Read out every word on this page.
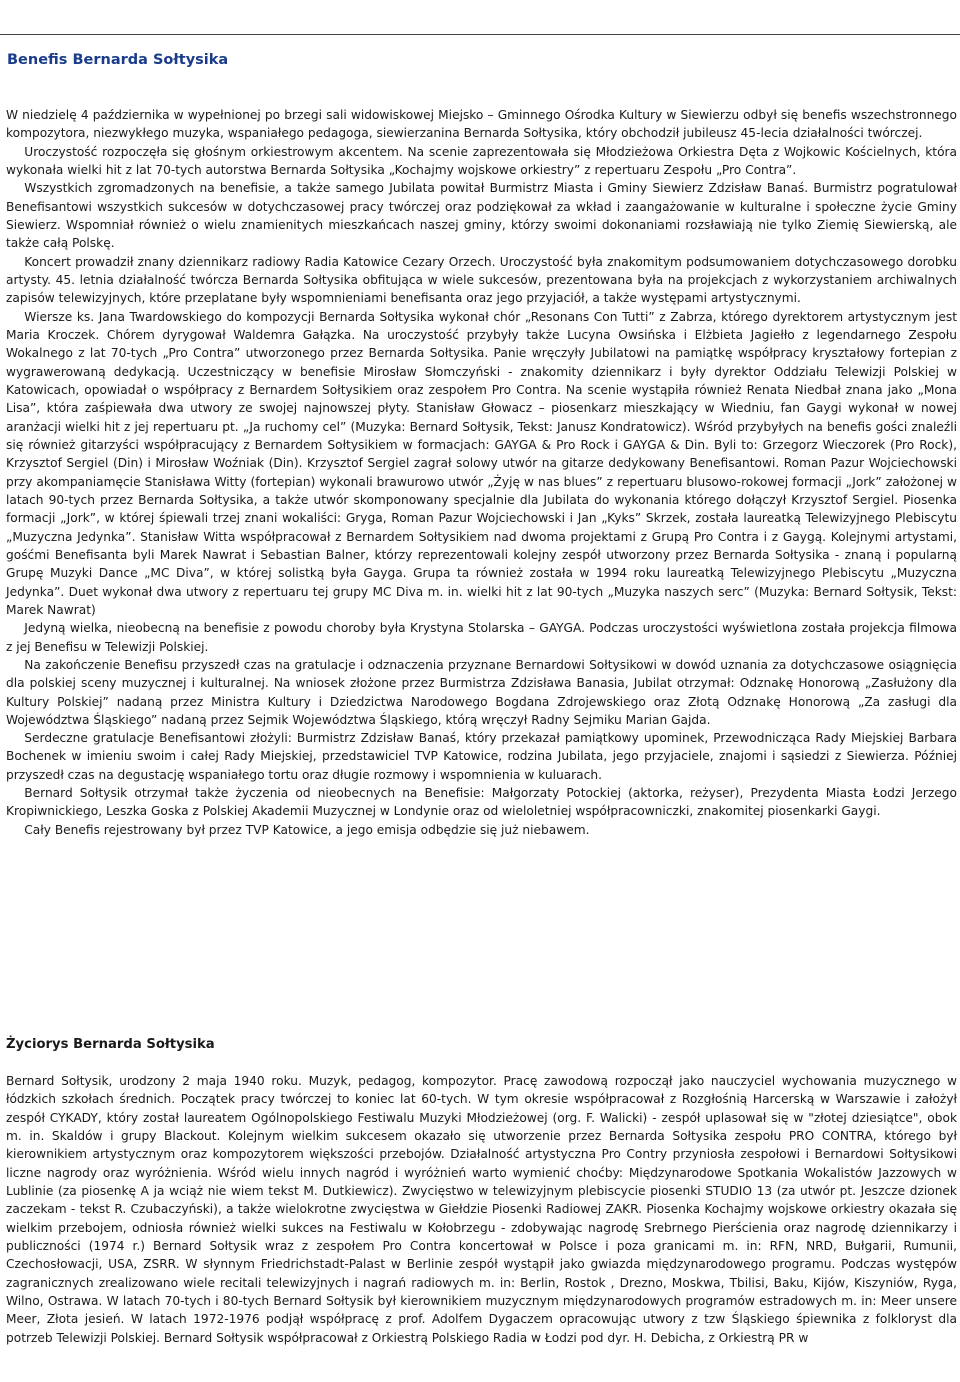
Miasto i Gmina Siewierz - http://www.siewierz.pl/	Data umieszczenia informacji: 2009-10-06 14:48:01
Benefis Bernarda Sołtysika

W niedzielę 4 października w wypełnionej po brzegi sali widowiskowej Miejsko – Gminnego Ośrodka Kultury w Siewierzu odbył się benefis wszechstronnego kompozytora, niezwykłego muzyka, wspaniałego pedagoga, siewierzanina Bernarda Sołtysika, który obchodził jubileusz 45-lecia działalności twórczej.

Uroczystość rozpoczęła się głośnym orkiestrowym akcentem. Na scenie zaprezentowała się Młodzieżowa Orkiestra Dęta z Wojkowic Kościelnych, która wykonała wielki hit z lat 70-tych autorstwa Bernarda Sołtysika „Kochajmy wojskowe orkiestry” z repertuaru Zespołu „Pro Contra”.

Wszystkich zgromadzonych na benefisie, a także samego Jubilata powitał Burmistrz Miasta i Gminy Siewierz Zdzisław Banaś. Burmistrz pogratulował Benefisantowi wszystkich sukcesów w dotychczasowej pracy twórczej oraz podziękował za wkład i zaangażowanie w kulturalne i społeczne życie Gminy Siewierz. Wspomniał również o wielu znamienitych mieszkańcach naszej gminy, którzy swoimi dokonaniami rozsławiają nie tylko Ziemię Siewierską, ale także całą Polskę.

Koncert prowadził znany dziennikarz radiowy Radia Katowice Cezary Orzech. Uroczystość była znakomitym podsumowaniem dotychczasowego dorobku artysty. 45. letnia działalność twórcza Bernarda Sołtysika obfitująca w wiele sukcesów, prezentowana była na projekcjach z wykorzystaniem archiwalnych zapisów telewizyjnych, które przeplatane były wspomnieniami benefisanta oraz jego przyjaciół, a także występami artystycznymi.

Wiersze ks. Jana Twardowskiego do kompozycji Bernarda Sołtysika wykonał chór „Resonans Con Tutti” z Zabrza, którego dyrektorem artystycznym jest Maria Kroczek. Chórem dyrygował Waldemra Gałązka. Na uroczystość przybyły także Lucyna Owsińska i Elżbieta Jagiełło z legendarnego Zespołu Wokalnego z lat 70-tych „Pro Contra” utworzonego przez Bernarda Sołtysika. Panie wręczyły Jubilatowi na pamiątkę współpracy kryształowy fortepian z wygrawerowaną dedykacją. Uczestniczący w benefisie Mirosław Słomczyński - znakomity dziennikarz i były dyrektor Oddziału Telewizji Polskiej w Katowicach, opowiadał o współpracy z Bernardem Sołtysikiem oraz zespołem Pro Contra. Na scenie wystąpiła również Renata Niedbał znana jako „Mona Lisa”, która zaśpiewała dwa utwory ze swojej najnowszej płyty. Stanisław Głowacz – piosenkarz mieszkający w Wiedniu, fan Gaygi wykonał w nowej aranżacji wielki hit z jej repertuaru pt. „Ja ruchomy cel” (Muzyka: Bernard Sołtysik, Tekst: Janusz Kondratowicz). Wśród przybyłych na benefis gości znaleźli się również gitarzyści współpracujący z Bernardem Sołtysikiem w formacjach: GAYGA & Pro Rock i GAYGA & Din. Byli to: Grzegorz Wieczorek (Pro Rock), Krzysztof Sergiel (Din) i Mirosław Woźniak (Din). Krzysztof Sergiel zagrał solowy utwór na gitarze dedykowany Benefisantowi. Roman Pazur Wojciechowski przy akompaniamęcie Stanisława Witty (fortepian) wykonali brawurowo utwór „Żyję w nas blues” z repertuaru blusowo-rokowej formacji „Jork” założonej w latach 90-tych przez Bernarda Sołtysika, a także utwór skomponowany specjalnie dla Jubilata do wykonania którego dołączył Krzysztof Sergiel. Piosenka formacji „Jork”, w której śpiewali trzej znani wokaliści: Gryga, Roman Pazur Wojciechowski i Jan „Kyks” Skrzek, została laureatką Telewizyjnego Plebiscytu „Muzyczna Jedynka”. Stanisław Witta współpracował z Bernardem Sołtysikiem nad dwoma projektami z Grupą Pro Contra i z Gaygą. Kolejnymi artystami, gośćmi Benefisanta byli Marek Nawrat i Sebastian Balner, którzy reprezentowali kolejny zespół utworzony przez Bernarda Sołtysika - znaną i popularną Grupę Muzyki Dance „MC Diva”, w której solistką była Gayga. Grupa ta również została w 1994 roku laureatką Telewizyjnego Plebiscytu „Muzyczna Jedynka”. Duet wykonał dwa utwory z repertuaru tej grupy MC Diva m. in. wielki hit z lat 90-tych „Muzyka naszych serc” (Muzyka: Bernard Sołtysik, Tekst: Marek Nawrat)

Jedyną wielka, nieobecną na benefisie z powodu choroby była Krystyna Stolarska – GAYGA. Podczas uroczystości wyświetlona została projekcja filmowa z jej Benefisu w Telewizji Polskiej.

Na zakończenie Benefisu przyszedł czas na gratulacje i odznaczenia przyznane Bernardowi Sołtysikowi w dowód uznania za dotychczasowe osiągnięcia dla polskiej sceny muzycznej i kulturalnej. Na wniosek złożone przez Burmistrza Zdzisława Banasia, Jubilat otrzymał: Odznakę Honorową „Zasłużony dla Kultury Polskiej” nadaną przez Ministra Kultury i Dziedzictwa Narodowego Bogdana Zdrojewskiego oraz Złotą Odznakę Honorową „Za zasługi dla Województwa Śląskiego” nadaną przez Sejmik Województwa Śląskiego, którą wręczył Radny Sejmiku Marian Gajda.

Serdeczne gratulacje Benefisantowi złożyli: Burmistrz Zdzisław Banaś, który przekazał pamiątkowy upominek, Przewodnicząca Rady Miejskiej Barbara Bochenek w imieniu swoim i całej Rady Miejskiej, przedstawiciel TVP Katowice, rodzina Jubilata, jego przyjaciele, znajomi i sąsiedzi z Siewierza. Później przyszedł czas na degustację wspaniałego tortu oraz długie rozmowy i wspomnienia w kuluarach.

Bernard Sołtysik otrzymał także życzenia od nieobecnych na Benefisie: Małgorzaty Potockiej (aktorka, reżyser), Prezydenta Miasta Łodzi Jerzego Kropiwnickiego, Leszka Goska z Polskiej Akademii Muzycznej w Londynie oraz od wieloletniej współpracowniczki, znakomitej piosenkarki Gaygi.

Cały Benefis rejestrowany był przez TVP Katowice, a jego emisja odbędzie się już niebawem.

Życiorys Bernarda Sołtysika

Bernard Sołtysik, urodzony 2 maja 1940 roku. Muzyk, pedagog, kompozytor. Pracę zawodową rozpoczął jako nauczyciel wychowania muzycznego w łódzkich szkołach średnich. Początek pracy twórczej to koniec lat 60-tych. W tym okresie współpracował z Rozgłośnią Harcerską w Warszawie i założył zespół CYKADY, który został laureatem Ogólnopolskiego Festiwalu Muzyki Młodzieżowej (org. F. Walicki) - zespół uplasował się w "złotej dziesiątce", obok m. in. Skaldów i grupy Blackout. Kolejnym wielkim sukcesem okazało się utworzenie przez Bernarda Sołtysika zespołu PRO CONTRA, którego był kierownikiem artystycznym oraz kompozytorem większości przebojów. Działalność artystyczna Pro Contry przyniosła zespołowi i Bernardowi Sołtysikowi liczne nagrody oraz wyróżnienia. Wśród wielu innych nagród i wyróżnień warto wymienić choćby: Międzynarodowe Spotkania Wokalistów Jazzowych w Lublinie (za piosenkę A ja wciąż nie wiem tekst M. Dutkiewicz). Zwycięstwo w telewizyjnym plebiscycie piosenki STUDIO 13 (za utwór pt. Jeszcze dzionek zaczekam - tekst R. Czubaczyński), a także wielokrotne zwycięstwa w Giełdzie Piosenki Radiowej ZAKR. Piosenka Kochajmy wojskowe orkiestry okazała się wielkim przebojem, odniosła również wielki sukces na Festiwalu w Kołobrzegu - zdobywając nagrodę Srebrnego Pierścienia oraz nagrodę dziennikarzy i publiczności (1974 r.) Bernard Sołtysik wraz z zespołem Pro Contra koncertował w Polsce i poza granicami m. in: RFN, NRD, Bułgarii, Rumunii, Czechosłowacji, USA, ZSRR. W słynnym Friedrichstadt-Palast w Berlinie zespół wystąpił jako gwiazda międzynarodowego programu. Podczas występów zagranicznych zrealizowano wiele recitali telewizyjnych i nagrań radiowych m. in: Berlin, Rostok , Drezno, Moskwa, Tbilisi, Baku, Kijów, Kiszyniów, Ryga, Wilno, Ostrawa. W latach 70-tych i 80-tych Bernard Sołtysik był kierownikiem muzycznym międzynarodowych programów estradowych m. in: Meer unsere Meer, Złota jesień. W latach 1972-1976 podjął współpracę z prof. Adolfem Dygaczem opracowując utwory z tzw Śląskiego śpiewnika z folkloryst dla potrzeb Telewizji Polskiej. Bernard Sołtysik współpracował z Orkiestrą Polskiego Radia w Łodzi pod dyr. H. Debicha, z Orkiestrą PR w
